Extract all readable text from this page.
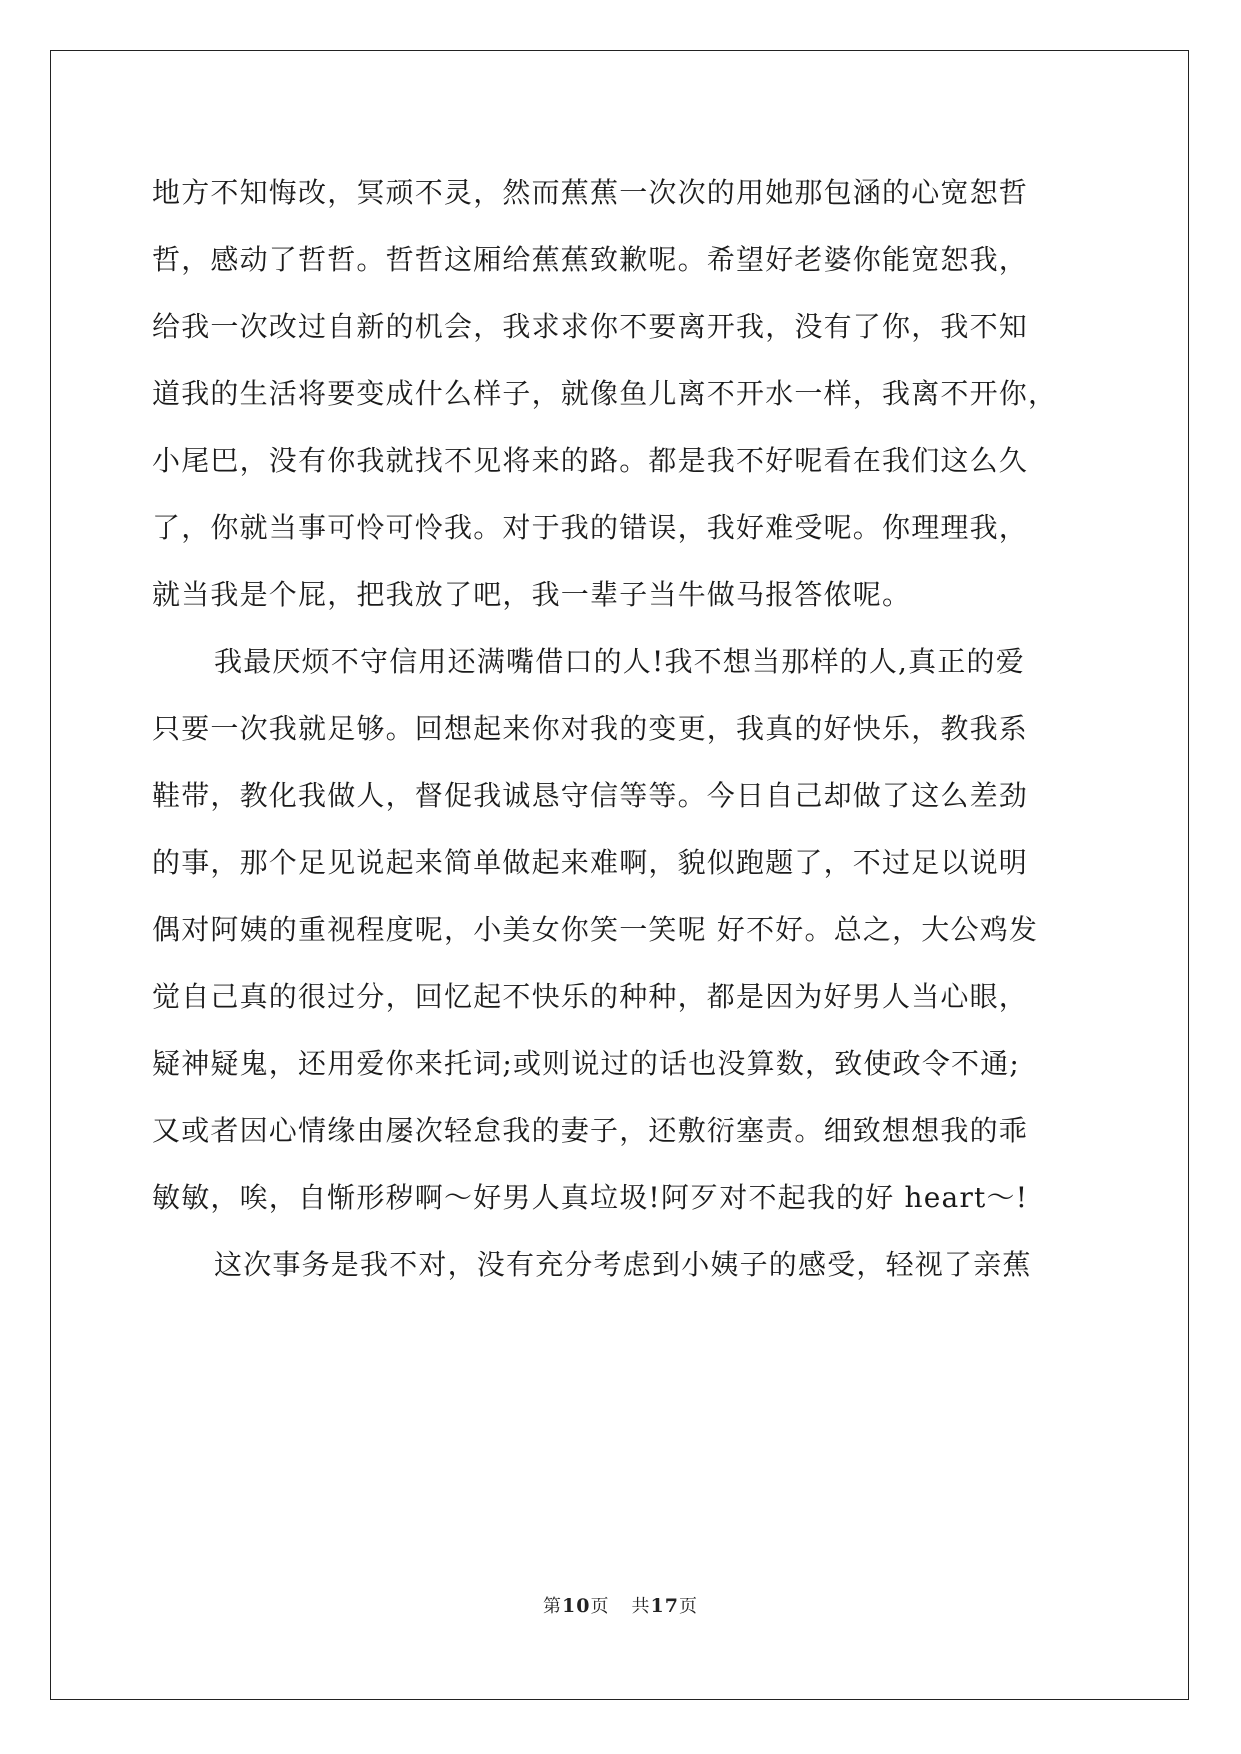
地方不知悔改，冥顽不灵，然而蕉蕉一次次的用她那包涵的心宽恕哲
哲，感动了哲哲。哲哲这厢给蕉蕉致歉呢。希望好老婆你能宽恕我，
给我一次改过自新的机会，我求求你不要离开我，没有了你，我不知
道我的生活将要变成什么样子，就像鱼儿离不开水一样，我离不开你，
小尾巴，没有你我就找不见将来的路。都是我不好呢看在我们这么久
了，你就当事可怜可怜我。对于我的错误，我好难受呢。你理理我，
就当我是个屁，把我放了吧，我一辈子当牛做马报答侬呢。
我最厌烦不守信用还满嘴借口的人!我不想当那样的人,真正的爱
只要一次我就足够。回想起来你对我的变更，我真的好快乐，教我系
鞋带，教化我做人，督促我诚恳守信等等。今日自己却做了这么差劲
的事，那个足见说起来简单做起来难啊，貌似跑题了，不过足以说明
偶对阿姨的重视程度呢，小美女你笑一笑呢 好不好。总之，大公鸡发
觉自己真的很过分，回忆起不快乐的种种，都是因为好男人当心眼，
疑神疑鬼，还用爱你来托词;或则说过的话也没算数，致使政令不通;
又或者因心情缘由屡次轻怠我的妻子，还敷衍塞责。细致想想我的乖
敏敏，唉，自惭形秽啊～好男人真垃圾!阿歹对不起我的好 heart～!
这次事务是我不对，没有充分考虑到小姨子的感受，轻视了亲蕉
第10页 共17页
